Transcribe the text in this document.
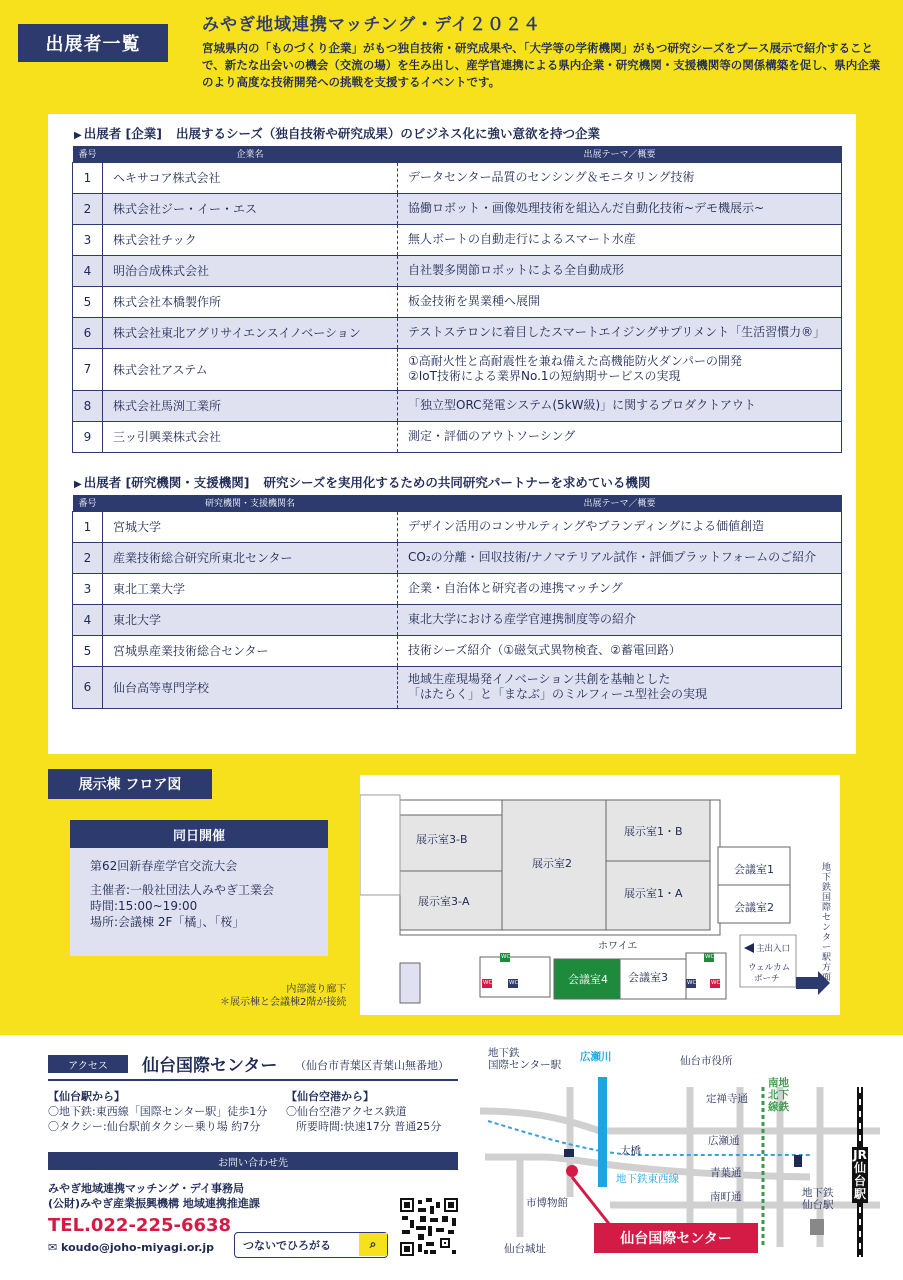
出展者一覧
みやぎ地域連携マッチング・デイ２０２４
宮城県内の「ものづくり企業」がもつ独自技術・研究成果や、「大学等の学術機関」がもつ研究シーズをブース展示で紹介することで、新たな出会いの機会（交流の場）を生み出し、産学官連携による県内企業・研究機関・支援機関等の関係構築を促し、県内企業のより高度な技術開発への挑戦を支援するイベントです。
▶ 出展者 [企業] 出展するシーズ（独自技術や研究成果）のビジネス化に強い意欲を持つ企業
番号	企業名	出展テーマ／概要
1	ヘキサコア株式会社	データセンター品質のセンシング＆モニタリング技術

2	株式会社ジー・イー・エス	協働ロボット・画像処理技術を組込んだ自動化技術~デモ機展示~

3	株式会社チック	無人ボートの自動走行によるスマート水産

4	明治合成株式会社	自社製多関節ロボットによる全自動成形

5	株式会社本橋製作所	板金技術を異業種へ展開

6	株式会社東北アグリサイエンスイノベーション	テストステロンに着目したスマートエイジングサプリメント「生活習慣力®」

7	株式会社アステム	①高耐火性と高耐震性を兼ね備えた高機能防火ダンパーの開発
②IoT技術による業界No.1の短納期サービスの実現

8	株式会社馬渕工業所	「独立型ORC発電システム(5kW級)」に関するプロダクトアウト

9	三ッ引興業株式会社	測定・評価のアウトソーシング
▶ 出展者 [研究機関・支援機関] 研究シーズを実用化するための共同研究パートナーを求めている機関
番号	研究機関・支援機関名	出展テーマ／概要
1	宮城大学	デザイン活用のコンサルティングやブランディングによる価値創造

2	産業技術総合研究所東北センター	CO₂の分離・回収技術/ナノマテリアル試作・評価プラットフォームのご紹介

3	東北工業大学	企業・自治体と研究者の連携マッチング

4	東北大学	東北大学における産学官連携制度等の紹介

5	宮城県産業技術総合センター	技術シーズ紹介（①磁気式異物検査、②蓄電回路）

6	仙台高等専門学校	地域生産現場発イノベーション共創を基軸とした
「はたらく」と「まなぶ」のミルフィーユ型社会の実現
展示棟 フロア図
同日開催
第62回新春産学官交流大会
主催者:一般社団法人みやぎ工業会
時間:15:00~19:00
場所:会議棟 2F「橘」、「桜」
展示室3-B
展示室3-A
展示室2
展示室1・B
展示室1・A
会議室1
会議室2
会議室3
会議室4
ホワイエ	主出入口
ウェルカム
ポーチ
WC
WC	WC
WC
WC	WC
地下鉄国際センター駅方面
内部渡り廊下
＊展示棟と会議棟2階が接続
アクセス	仙台国際センター （仙台市青葉区青葉山無番地）
【仙台駅から】
〇地下鉄:東西線「国際センター駅」徒歩1分
〇タクシー:仙台駅前タクシー乗り場 約7分
【仙台空港から】
〇仙台空港アクセス鉄道
所要時間:快速17分 普通25分
お問い合わせ先
みやぎ地域連携マッチング・デイ事務局
(公財)みやぎ産業振興機構 地域連携推進課
TEL.022-225-6638
✉ koudo@joho-miyagi.or.jp	つないでひろがる	⌕
地下鉄
国際センター駅
広瀬川	仙台市役所
定禅寺通
広瀬通
大橋
青葉通
南町通
地下鉄東西線
南地
北下
線鉄
市博物館
仙台城址
地下鉄
仙台駅
JR仙台駅
仙台国際センター
